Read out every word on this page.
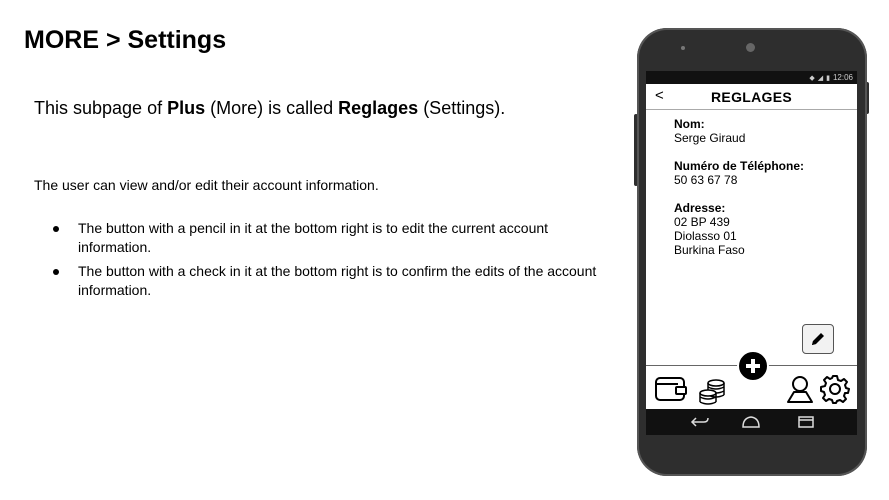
MORE > Settings
This subpage of Plus (More) is called Reglages (Settings).
The user can view and/or edit their account information.
The button with a pencil in it at the bottom right is to edit the current account information.
The button with a check in it at the bottom right is to confirm the edits of the account information.
◆ ◢ ▮ 12:06
<	REGLAGES
Nom:
Serge Giraud
Numéro de Téléphone:
50 63 67 78
Adresse:
02 BP 439
Diolasso 01
Burkina Faso
